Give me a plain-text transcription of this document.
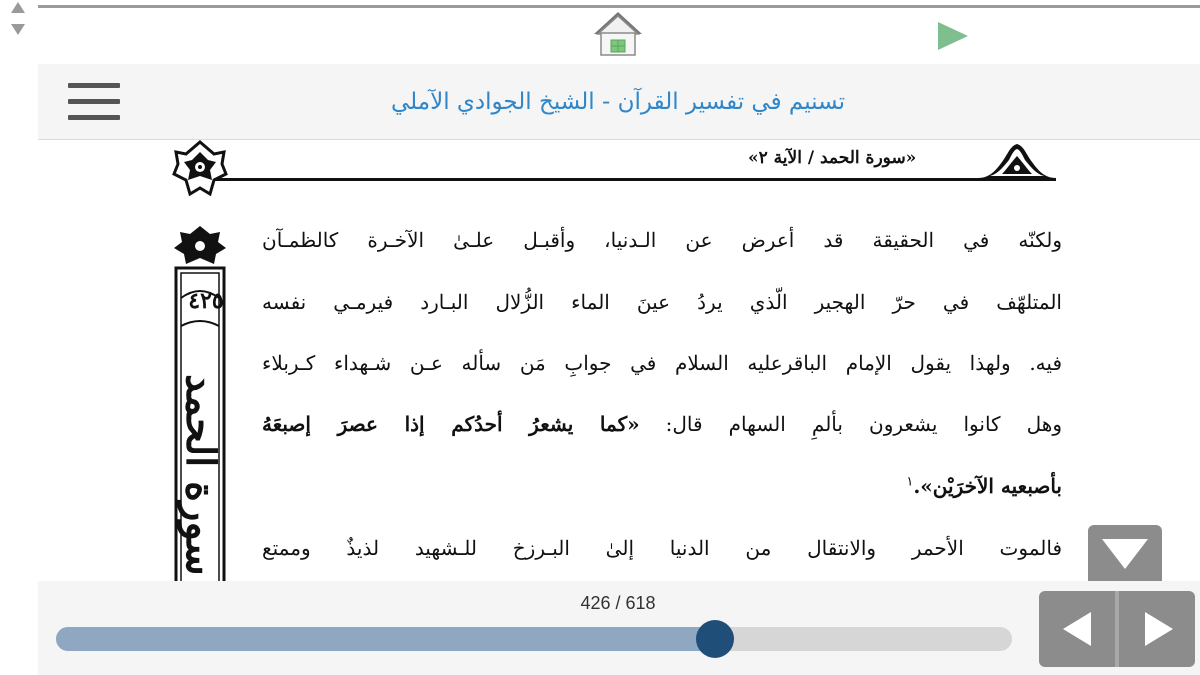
تسنيم في تفسير القرآن - الشيخ الجوادي الآملي
«سورة الحمد / الآية ٢»
٤٢٥
سورة الحمد
ولكنّه في الحقيقة قد أعرض عن الـدنيا، وأقبـل علـىٰ الآخـرة كالظمـآن
المتلهّف في حرّ الهجير الّذي يردُ عينَ الماء الزُّلال البـارد فيرمـي نفسه
فيه. ولهذا يقول الإمام الباقرعليه السلام في جوابِ مَن سأله عـن شـهداء كـربلاء
وهل كانوا يشعرون بألمِ السهام قال: «كما يشعرُ أحدُكم إذا عصرَ إصبعَهُ
بأصبعيه الآخرَيْن».$^١$
فالموت الأحمر والانتقال من الدنيا إلىٰ البـرزخ للـشهيد لذيذٌ وممتع
426 / 618
